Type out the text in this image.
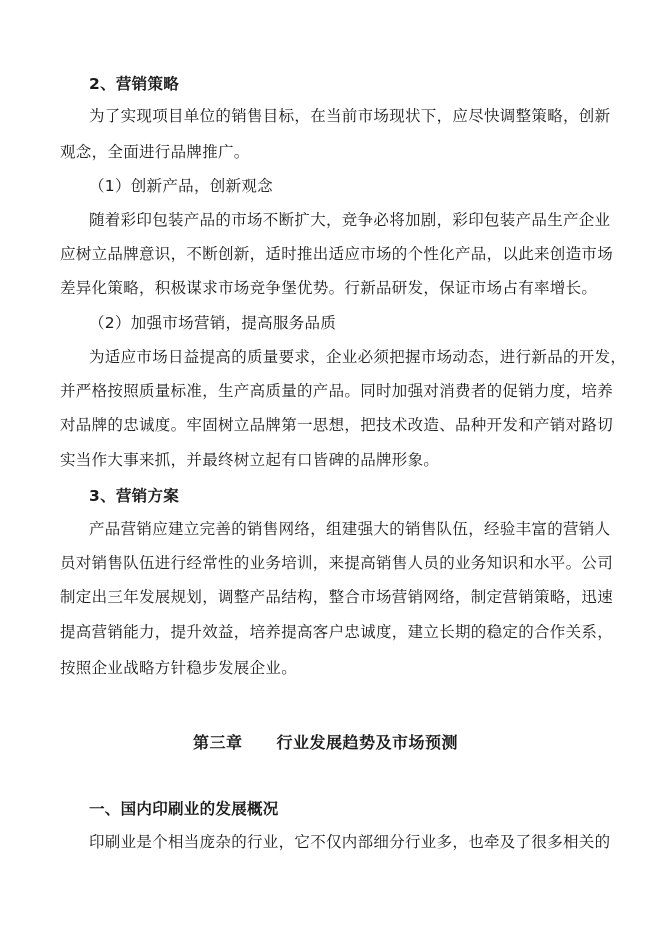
2、营销策略
为了实现项目单位的销售目标，在当前市场现状下，应尽快调整策略，创新
观念，全面进行品牌推广。
（1）创新产品，创新观念
随着彩印包装产品的市场不断扩大，竞争必将加剧，彩印包装产品生产企业
应树立品牌意识，不断创新，适时推出适应市场的个性化产品，以此来创造市场
差异化策略，积极谋求市场竞争堡优势。行新品研发，保证市场占有率增长。
（2）加强市场营销，提高服务品质
为适应市场日益提高的质量要求，企业必须把握市场动态，进行新品的开发，
并严格按照质量标准，生产高质量的产品。同时加强对消费者的促销力度，培养
对品牌的忠诚度。牢固树立品牌第一思想，把技术改造、品种开发和产销对路切
实当作大事来抓，并最终树立起有口皆碑的品牌形象。
3、营销方案
产品营销应建立完善的销售网络，组建强大的销售队伍，经验丰富的营销人
员对销售队伍进行经常性的业务培训，来提高销售人员的业务知识和水平。公司
制定出三年发展规划，调整产品结构，整合市场营销网络，制定营销策略，迅速
提高营销能力，提升效益，培养提高客户忠诚度，建立长期的稳定的合作关系，
按照企业战略方针稳步发展企业。
第三章 行业发展趋势及市场预测
一、国内印刷业的发展概况
印刷业是个相当庞杂的行业，它不仅内部细分行业多，也牵及了很多相关的
